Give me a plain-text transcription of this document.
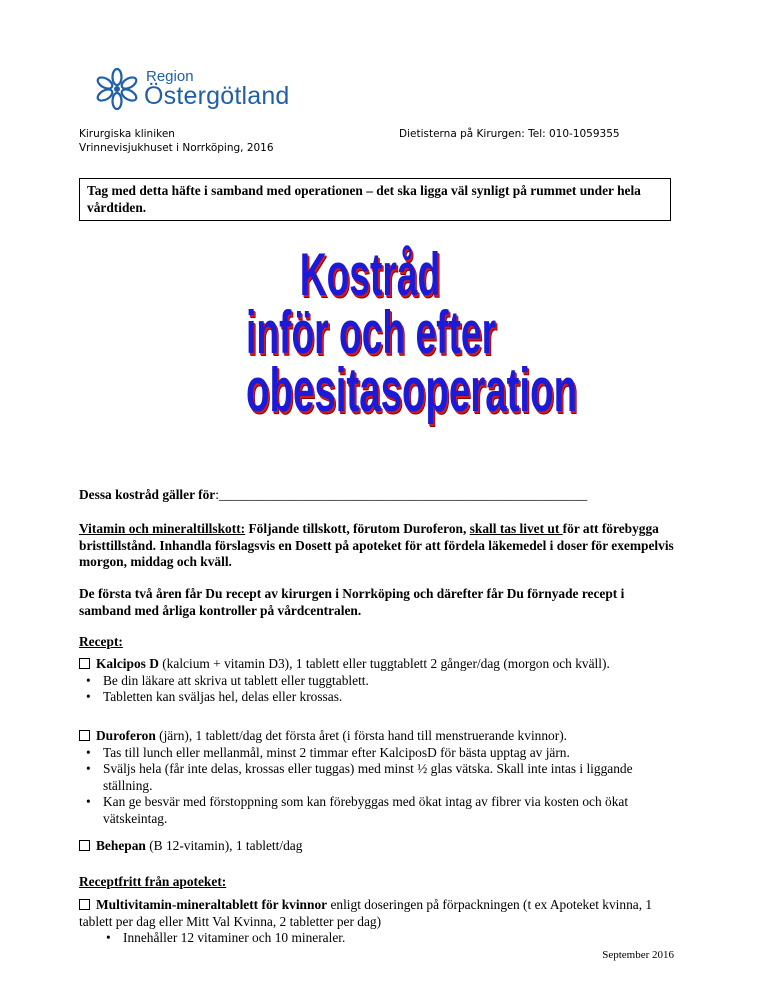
Region
Östergötland
Kirurgiska kliniken
Vrinnevisjukhuset i Norrköping, 2016
Dietisterna på Kirurgen: Tel: 010-1059355
Tag med detta häfte i samband med operationen – det ska ligga väl synligt på rummet under hela vårdtiden.
Kostråd
inför och efter
obesitasoperation
Dessa kostråd gäller för:_______________________________________________________
Vitamin och mineraltillskott: Följande tillskott, förutom Duroferon, skall tas livet ut för att förebygga bristtillstånd. Inhandla förslagsvis en Dosett på apoteket för att fördela läkemedel i doser för exempelvis morgon, middag och kväll.
De första två åren får Du recept av kirurgen i Norrköping och därefter får Du förnyade recept i samband med årliga kontroller på vårdcentralen.
Recept:
Kalcipos D (kalcium + vitamin D3), 1 tablett eller tuggtablett 2 gånger/dag (morgon och kväll).
• Be din läkare att skriva ut tablett eller tuggtablett.
• Tabletten kan sväljas hel, delas eller krossas.
Duroferon (järn), 1 tablett/dag det första året (i första hand till menstruerande kvinnor).
• Tas till lunch eller mellanmål, minst 2 timmar efter KalciposD för bästa upptag av järn.
• Sväljs hela (får inte delas, krossas eller tuggas) med minst ½ glas vätska. Skall inte intas i liggande ställning.
• Kan ge besvär med förstoppning som kan förebyggas med ökat intag av fibrer via kosten och ökat vätskeintag.
Behepan (B 12-vitamin), 1 tablett/dag
Receptfritt från apoteket:
Multivitamin-mineraltablett för kvinnor enligt doseringen på förpackningen (t ex Apoteket kvinna, 1 tablett per dag eller Mitt Val Kvinna, 2 tabletter per dag)
• Innehåller 12 vitaminer och 10 mineraler.
September 2016
